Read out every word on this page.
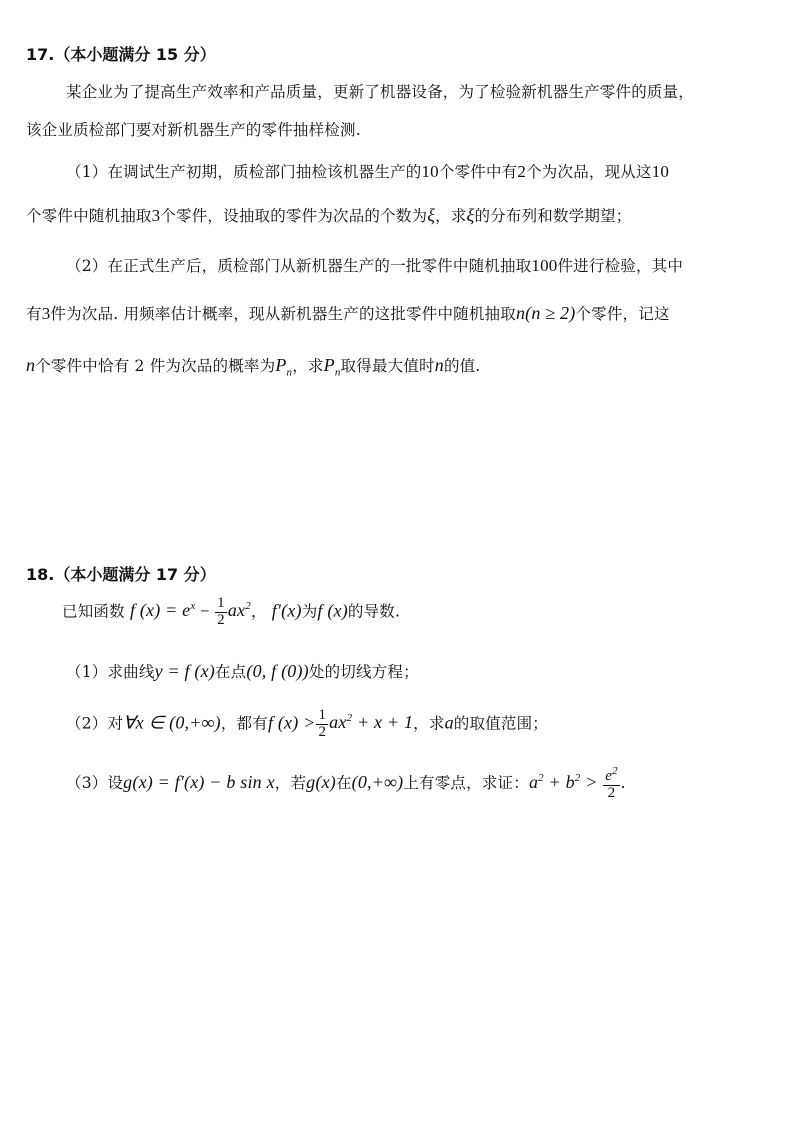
17.（本小题满分 15 分）
某企业为了提高生产效率和产品质量，更新了机器设备，为了检验新机器生产零件的质量，
该企业质检部门要对新机器生产的零件抽样检测.
（1）在调试生产初期，质检部门抽检该机器生产的10个零件中有2个为次品，现从这10
个零件中随机抽取3个零件，设抽取的零件为次品的个数为ξ，求ξ的分布列和数学期望；
（2）在正式生产后，质检部门从新机器生产的一批零件中随机抽取100件进行检验，其中
有3件为次品. 用频率估计概率，现从新机器生产的这批零件中随机抽取n(n ≥ 2)个零件，记这
n个零件中恰有 2 件为次品的概率为$P_n$，求$P_n$取得最大值时n的值.
18.（本小题满分 17 分）
已知函数 f $(x) = e^x - \frac{1}{2} ax^2$， f′(x)为f (x)的导数.
（1）求曲线y = f (x)在点(0, f (0))处的切线方程；
（2）对∀x ∈ (0,+∞)，都有f $(x) > \frac{1}{2} ax^2 + x + 1$，求a的取值范围；
（3）设g(x) = f′(x) − b sin x，若g(x)在(0,+∞)上有零点，求证：$a^2 + b^2 > \frac{e^2}{2}$ .
